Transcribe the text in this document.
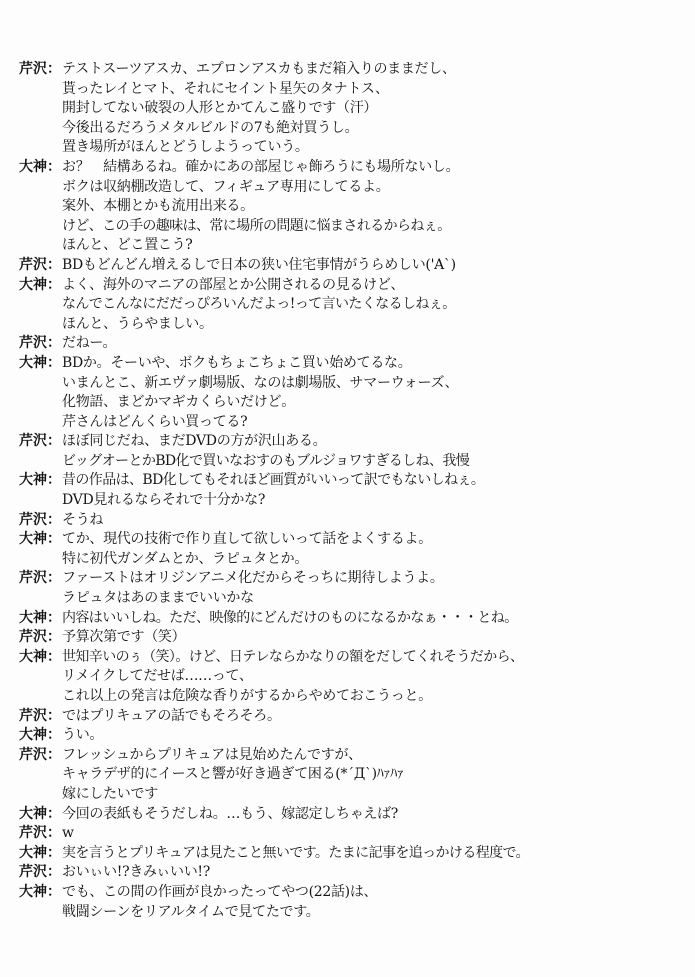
芹沢： テストスーツアスカ、エプロンアスカもまだ箱入りのままだし、
貰ったレイとマト、それにセイント星矢のタナトス、
開封してない破裂の人形とかてんこ盛りです（汗）
今後出るだろうメタルビルドの7も絶対買うし。
置き場所がほんとどうしようっていう。
大神： お？　結構あるね。確かにあの部屋じゃ飾ろうにも場所ないし。
ボクは収納棚改造して、フィギュア専用にしてるよ。
案外、本棚とかも流用出来る。
けど、この手の趣味は、常に場所の問題に悩まされるからねぇ。
ほんと、どこ置こう?
芹沢： BDもどんどん増えるしで日本の狭い住宅事情がうらめしい('A`)
大神： よく、海外のマニアの部屋とか公開されるの見るけど、
なんでこんなにだだっぴろいんだよっ!って言いたくなるしねぇ。
ほんと、うらやましい。
芹沢： だねー。
大神： BDか。そーいや、ボクもちょこちょこ買い始めてるな。
いまんとこ、新エヴァ劇場版、なのは劇場版、サマーウォーズ、
化物語、まどかマギカくらいだけど。
芹さんはどんくらい買ってる?
芹沢： ほぼ同じだね、まだDVDの方が沢山ある。
ビッグオーとかBD化で買いなおすのもブルジョワすぎるしね、我慢
大神： 昔の作品は、BD化してもそれほど画質がいいって訳でもないしねぇ。
DVD見れるならそれで十分かな?
芹沢： そうね
大神： てか、現代の技術で作り直して欲しいって話をよくするよ。
特に初代ガンダムとか、ラピュタとか。
芹沢： ファーストはオリジンアニメ化だからそっちに期待しようよ。
ラピュタはあのままでいいかな
大神： 内容はいいしね。ただ、映像的にどんだけのものになるかなぁ・・・とね。
芹沢： 予算次第です（笑）
大神： 世知辛いのぅ（笑）。けど、日テレならかなりの額をだしてくれそうだから、
リメイクしてだせば……って、
これ以上の発言は危険な香りがするからやめておこうっと。
芹沢： ではプリキュアの話でもそろそろ。
大神： うい。
芹沢： フレッシュからプリキュアは見始めたんですが、
キャラデザ的にイースと響が好き過ぎて困る(*´Д`)ﾊｧﾊｧ
嫁にしたいです
大神： 今回の表紙もそうだしね。…もう、嫁認定しちゃえば?
芹沢： w
大神： 実を言うとプリキュアは見たこと無いです。たまに記事を追っかける程度で。
芹沢： おいぃい!?きみぃいい!?
大神： でも、この間の作画が良かったってやつ(22話)は、
戦闘シーンをリアルタイムで見てたです。
